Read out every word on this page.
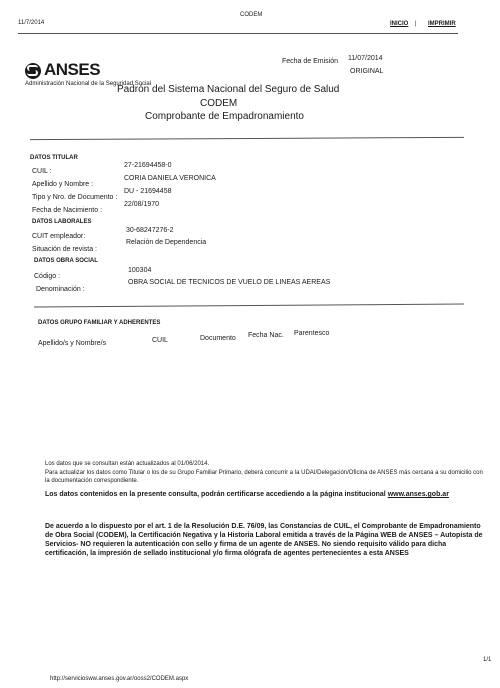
11/7/2014
CODEM
INICIO | IMPRIMIR
ANSES
Administración Nacional de la Seguridad Social
Fecha de Emisión 11/07/2014
ORIGINAL
Padrón del Sistema Nacional del Seguro de Salud
CODEM
Comprobante de Empadronamiento
DATOS TITULAR
CUIL :
27-21694458-0
Apellido y Nombre :
CORIA DANIELA VERONICA
Tipo y Nro. de Documento :
DU - 21694458
Fecha de Nacimiento :
22/08/1970
DATOS LABORALES
CUIT empleador:
30-68247276-2
Situación de revista :
Relación de Dependencia
DATOS OBRA SOCIAL
Código :
100304
Denominación :
OBRA SOCIAL DE TECNICOS DE VUELO DE LINEAS AEREAS
DATOS GRUPO FAMILIAR Y ADHERENTES
Apellido/s y Nombre/s	CUIL	Documento Fecha Nac. Parentesco
Los datos que se consultan están actualizados al 01/06/2014.
Para actualizar los datos como Titular o los de su Grupo Familiar Primario, deberá concurrir a la UDAI/Delegación/Oficina de ANSES más cercana a su domicilio con la documentación correspondiente.
Los datos contenidos en la presente consulta, podrán certificarse accediendo a la página institucional www.anses.gob.ar
De acuerdo a lo dispuesto por el art. 1 de la Resolución D.E. 76/09, las Constancias de CUIL, el Comprobante de Empadronamiento de Obra Social (CODEM), la Certificación Negativa y la Historia Laboral emitida a través de la Página WEB de ANSES – Autopista de Servicios- NO requieren la autenticación con sello y firma de un agente de ANSES. No siendo requisito válido para dicha certificación, la impresión de sellado institucional y/o firma ológrafa de agentes pertenecientes a esta ANSES
1/1
http://serviciosww.anses.gov.ar/ooss2/CODEM.aspx
